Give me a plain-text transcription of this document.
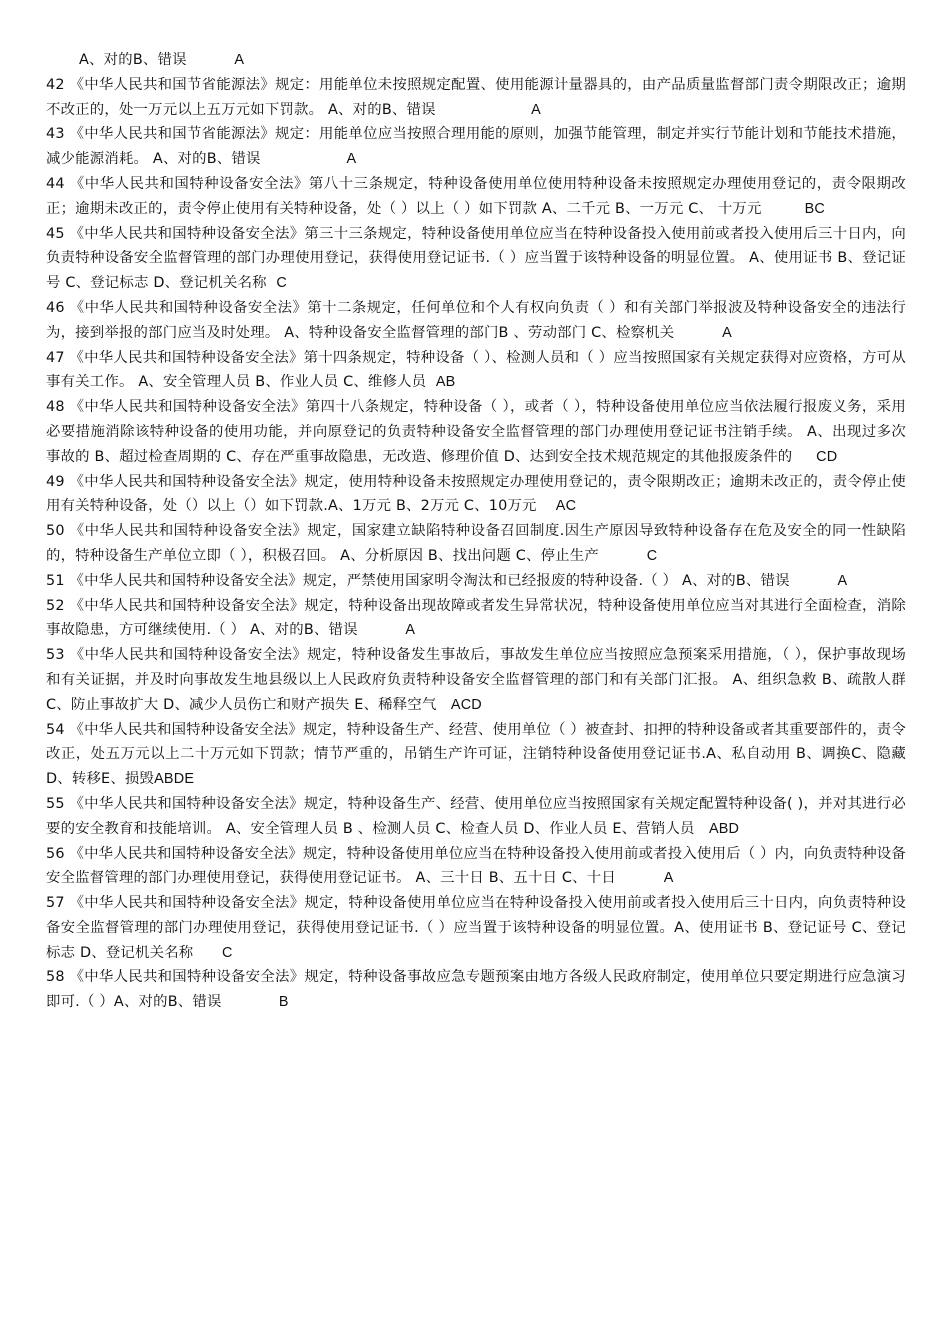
A、对的B、错误	A

42 《中华人民共和国节省能源法》规定：用能单位未按照规定配置、使用能源计量器具的，由产品质量监督部门责令期限改正；逾期不改正的，处一万元以上五万元如下罚款。 A、对的B、错误	A

43 《中华人民共和国节省能源法》规定：用能单位应当按照合理用能的原则，加强节能管理，制定并实行节能计划和节能技术措施，减少能源消耗。 A、对的B、错误	A

44 《中华人民共和国特种设备安全法》第八十三条规定，特种设备使用单位使用特种设备未按照规定办理使用登记的，责令限期改正；逾期未改正的，责令停止使用有关特种设备，处（ ）以上（ ）如下罚款 A、二千元 B、一万元 C、 十万元	BC

45 《中华人民共和国特种设备安全法》第三十三条规定，特种设备使用单位应当在特种设备投入使用前或者投入使用后三十日内，向负责特种设备安全监督管理的部门办理使用登记，获得使用登记证书.（ ）应当置于该特种设备的明显位置。 A、使用证书 B、登记证号 C、登记标志 D、登记机关名称 C

46 《中华人民共和国特种设备安全法》第十二条规定，任何单位和个人有权向负责（ ）和有关部门举报波及特种设备安全的违法行为，接到举报的部门应当及时处理。 A、特种设备安全监督管理的部门B 、劳动部门 C、检察机关	A

47 《中华人民共和国特种设备安全法》第十四条规定，特种设备（ ）、检测人员和（ ）应当按照国家有关规定获得对应资格，方可从事有关工作。 A、安全管理人员 B、作业人员 C、维修人员 AB

48 《中华人民共和国特种设备安全法》第四十八条规定，特种设备（ ），或者（ ），特种设备使用单位应当依法履行报废义务，采用必要措施消除该特种设备的使用功能，并向原登记的负责特种设备安全监督管理的部门办理使用登记证书注销手续。 A、出现过多次事故的 B、超过检查周期的 C、存在严重事故隐患，无改造、修理价值 D、达到安全技术规范规定的其他报废条件的 CD

49 《中华人民共和国特种设备安全法》规定，使用特种设备未按照规定办理使用登记的，责令限期改正；逾期未改正的，责令停止使用有关特种设备，处（）以上（）如下罚款.A、1万元 B、2万元 C、10万元 AC

50 《中华人民共和国特种设备安全法》规定，国家建立缺陷特种设备召回制度.因生产原因导致特种设备存在危及安全的同一性缺陷的，特种设备生产单位立即（ ），积极召回。 A、分析原因 B、找出问题 C、停止生产	C

51 《中华人民共和国特种设备安全法》规定，严禁使用国家明令淘汰和已经报废的特种设备.（ ） A、对的B、错误	A

52 《中华人民共和国特种设备安全法》规定，特种设备出现故障或者发生异常状况，特种设备使用单位应当对其进行全面检查，消除事故隐患，方可继续使用.（ ） A、对的B、错误	A

53 《中华人民共和国特种设备安全法》规定，特种设备发生事故后，事故发生单位应当按照应急预案采用措施，（ ），保护事故现场和有关证据，并及时向事故发生地县级以上人民政府负责特种设备安全监督管理的部门和有关部门汇报。 A、组织急救 B、疏散人群 C、防止事故扩大 D、减少人员伤亡和财产损失 E、稀释空气 ACD

54 《中华人民共和国特种设备安全法》规定，特种设备生产、经营、使用单位（ ）被查封、扣押的特种设备或者其重要部件的，责令改正，处五万元以上二十万元如下罚款；情节严重的，吊销生产许可证，注销特种设备使用登记证书.A、私自动用 B、调换C、隐藏D、转移E、损毁ABDE

55 《中华人民共和国特种设备安全法》规定，特种设备生产、经营、使用单位应当按照国家有关规定配置特种设备( )，并对其进行必要的安全教育和技能培训。 A、安全管理人员 B 、检测人员 C、检查人员 D、作业人员 E、营销人员 ABD

56 《中华人民共和国特种设备安全法》规定，特种设备使用单位应当在特种设备投入使用前或者投入使用后（ ）内，向负责特种设备安全监督管理的部门办理使用登记，获得使用登记证书。 A、三十日 B、五十日 C、十日	A

57 《中华人民共和国特种设备安全法》规定，特种设备使用单位应当在特种设备投入使用前或者投入使用后三十日内，向负责特种设备安全监督管理的部门办理使用登记，获得使用登记证书.（ ）应当置于该特种设备的明显位置。A、使用证书 B、登记证号 C、登记标志 D、登记机关名称 C

58 《中华人民共和国特种设备安全法》规定，特种设备事故应急专题预案由地方各级人民政府制定，使用单位只要定期进行应急演习即可.（ ）A、对的B、错误	B
